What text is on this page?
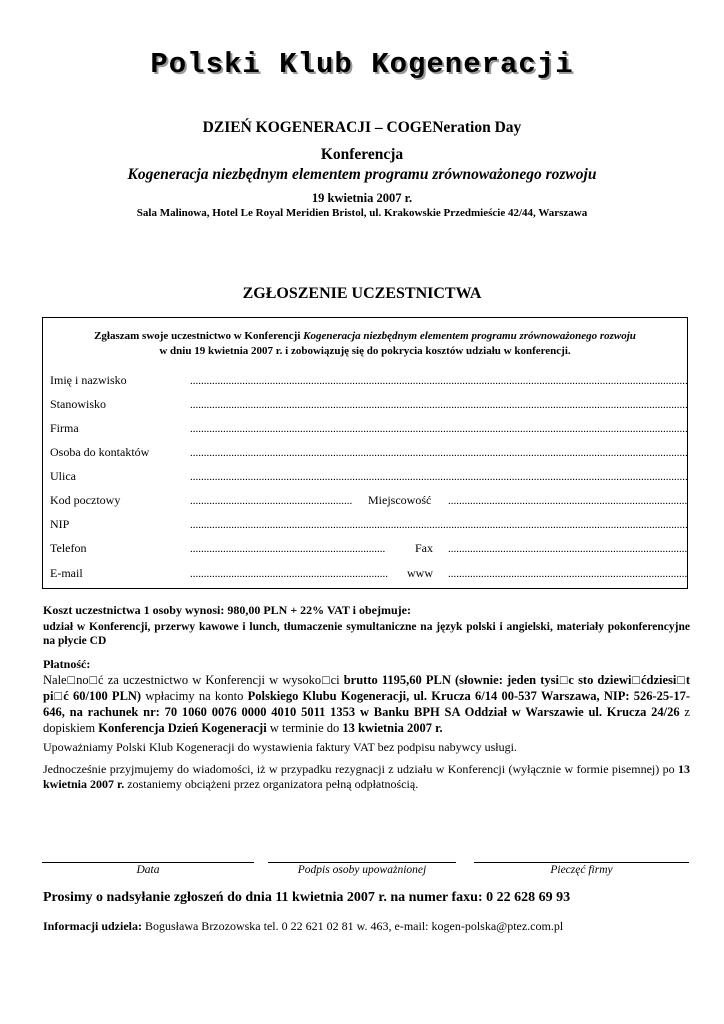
Polski Klub Kogeneracji
DZIEŃ KOGENERACJI – COGENeration Day
Konferencja
Kogeneracja niezbędnym elementem programu zrównoważonego rozwoju
19 kwietnia 2007 r.
Sala Malinowa, Hotel Le Royal Meridien Bristol, ul. Krakowskie Przedmieście 42/44, Warszawa
ZGŁOSZENIE UCZESTNICTWA
Zgłaszam swoje uczestnictwo w Konferencji Kogeneracja niezbędnym elementem programu zrównoważonego rozwoju
w dniu 19 kwietnia 2007 r. i zobowiązuję się do pokrycia kosztów udziału w konferencji.
Imię i nazwisko
.....
Stanowisko
.....
Firma
.....
Osoba do kontaktów
.....
Ulica
.....
Kod pocztowy .....	Miejscowość
.....
NIP
.....
Telefon .....	Fax
.....
E-mail .....	www
.....
Koszt uczestnictwa 1 osoby wynosi: 980,00 PLN + 22% VAT i obejmuje:
udział w Konferencji, przerwy kawowe i lunch, tłumaczenie symultaniczne na język polski i angielski, materiały pokonferencyjne na płycie CD
Płatność:
Nale□no□ć za uczestnictwo w Konferencji w wysoko□ci brutto 1195,60 PLN (słownie: jeden tysi□c sto dziewi□ćdziesi□t pi□ć 60/100 PLN) wpłacimy na konto Polskiego Klubu Kogeneracji, ul. Krucza 6/14 00-537 Warszawa, NIP: 526-25-17-646, na rachunek nr: 70 1060 0076 0000 4010 5011 1353 w Banku BPH SA Oddział w Warszawie ul. Krucza 24/26 z dopiskiem Konferencja Dzień Kogeneracji w terminie do 13 kwietnia 2007 r.
Upoważniamy Polski Klub Kogeneracji do wystawienia faktury VAT bez podpisu nabywcy usługi.
Jednocześnie przyjmujemy do wiadomości, iż w przypadku rezygnacji z udziału w Konferencji (wyłącznie w formie pisemnej) po 13 kwietnia 2007 r. zostaniemy obciążeni przez organizatora pełną odpłatnością.
Data	Podpis osoby upoważnionej	Pieczęć firmy
Prosimy o nadsyłanie zgłoszeń do dnia 11 kwietnia 2007 r. na numer faxu: 0 22 628 69 93
Informacji udziela: Bogusława Brzozowska tel. 0 22 621 02 81 w. 463, e-mail: kogen-polska@ptez.com.pl
